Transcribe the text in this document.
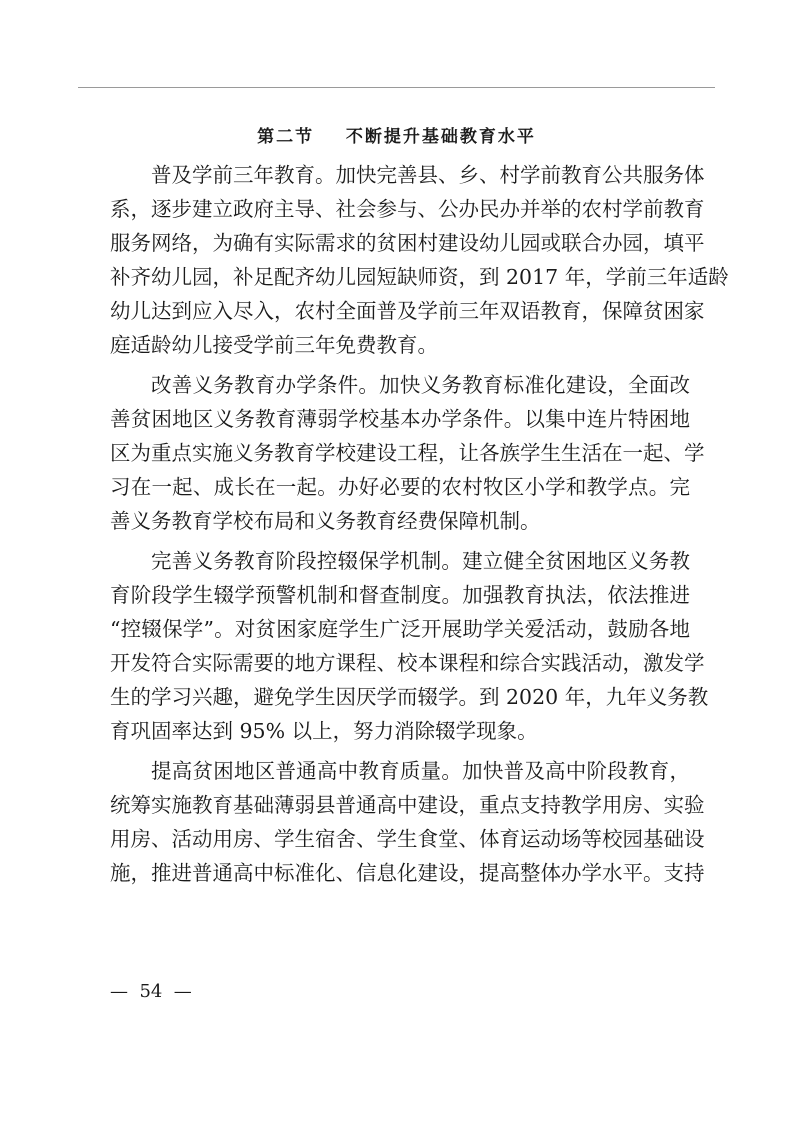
第二节    不断提升基础教育水平
普及学前三年教育。加快完善县、乡、村学前教育公共服务体
系，逐步建立政府主导、社会参与、公办民办并举的农村学前教育
服务网络，为确有实际需求的贫困村建设幼儿园或联合办园，填平
补齐幼儿园，补足配齐幼儿园短缺师资，到 2017 年，学前三年适龄
幼儿达到应入尽入，农村全面普及学前三年双语教育，保障贫困家
庭适龄幼儿接受学前三年免费教育。
改善义务教育办学条件。加快义务教育标准化建设，全面改
善贫困地区义务教育薄弱学校基本办学条件。以集中连片特困地
区为重点实施义务教育学校建设工程，让各族学生生活在一起、学
习在一起、成长在一起。办好必要的农村牧区小学和教学点。完
善义务教育学校布局和义务教育经费保障机制。
完善义务教育阶段控辍保学机制。建立健全贫困地区义务教
育阶段学生辍学预警机制和督查制度。加强教育执法，依法推进
“控辍保学”。对贫困家庭学生广泛开展助学关爱活动，鼓励各地
开发符合实际需要的地方课程、校本课程和综合实践活动，激发学
生的学习兴趣，避免学生因厌学而辍学。到 2020 年，九年义务教
育巩固率达到 95% 以上，努力消除辍学现象。
提高贫困地区普通高中教育质量。加快普及高中阶段教育，
统筹实施教育基础薄弱县普通高中建设，重点支持教学用房、实验
用房、活动用房、学生宿舍、学生食堂、体育运动场等校园基础设
施，推进普通高中标准化、信息化建设，提高整体办学水平。支持
—  54  —
